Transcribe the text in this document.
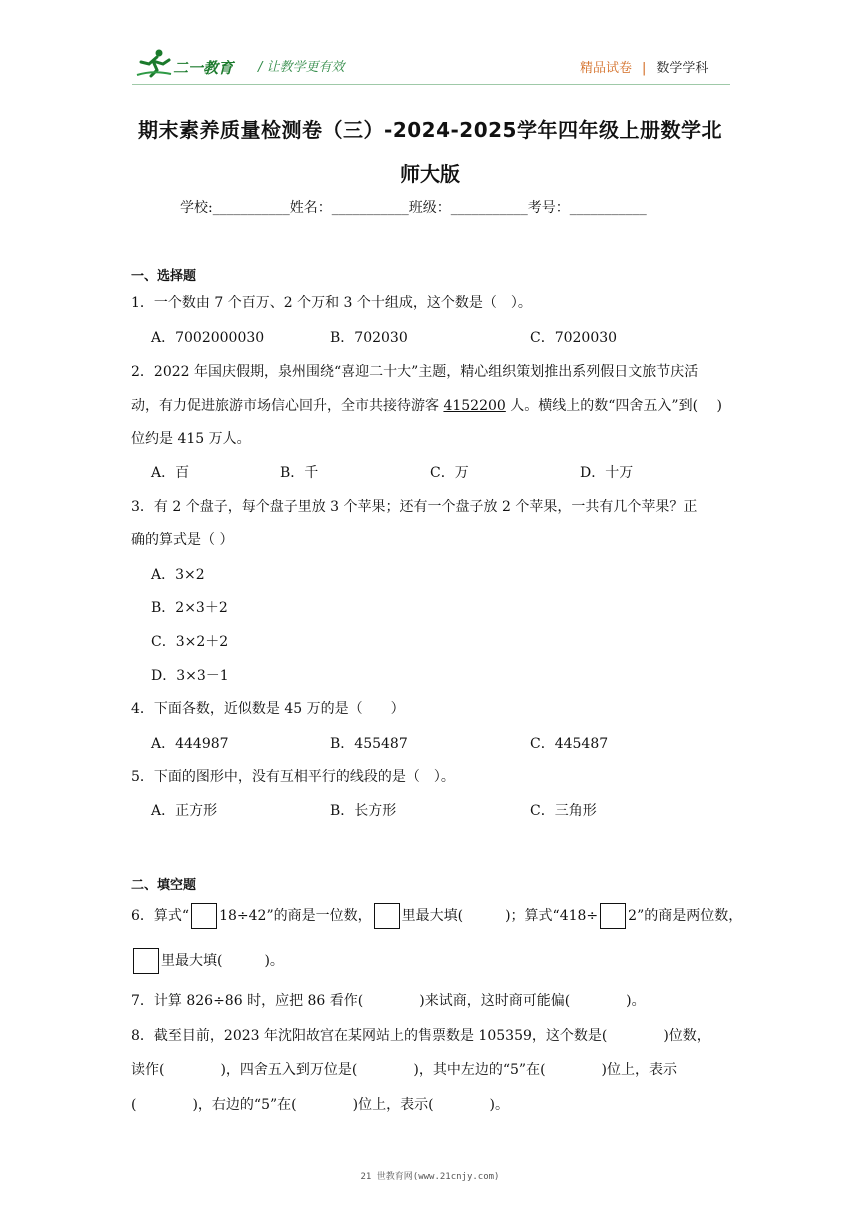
二一教育 / 让教学更有效	精品试卷 | 数学学科
期末素养质量检测卷（三）-2024-2025学年四年级上册数学北
师大版
学校:___________姓名：___________班级：___________考号：___________
一、选择题
1．一个数由 7 个百万、2 个万和 3 个十组成，这个数是（　）。
A．7002000030	B．702030	C．7020030
2．2022 年国庆假期，泉州围绕“喜迎二十大”主题，精心组织策划推出系列假日文旅节庆活
动，有力促进旅游市场信心回升，全市共接待游客 4152200 人。横线上的数“四舍五入”到(　 )
位约是 415 万人。
A．百	B．千	C．万	D．十万
3．有 2 个盘子，每个盘子里放 3 个苹果；还有一个盘子放 2 个苹果，一共有几个苹果？正
确的算式是（ ）
A．3×2
B．2×3＋2
C．3×2＋2
D．3×3－1
4．下面各数，近似数是 45 万的是（　　）
A．444987	B．455487	C．445487
5．下面的图形中，没有互相平行的线段的是（　）。
A．正方形	B．长方形	C．三角形
二、填空题
6．算式“ 18÷42”的商是一位数， 里最大填(　　　)；算式“418÷ 2”的商是两位数，
里最大填(　　　)。
7．计算 826÷86 时，应把 86 看作(　　　　)来试商，这时商可能偏(　　　　)。
8．截至目前，2023 年沈阳故宫在某网站上的售票数是 105359，这个数是(　　　　)位数，
读作(　　　　)，四舍五入到万位是(　　　　)，其中左边的“5”在(　　　　)位上，表示
(　　　　)，右边的“5”在(　　　　)位上，表示(　　　　)。
21 世教育网(www.21cnjy.com)
